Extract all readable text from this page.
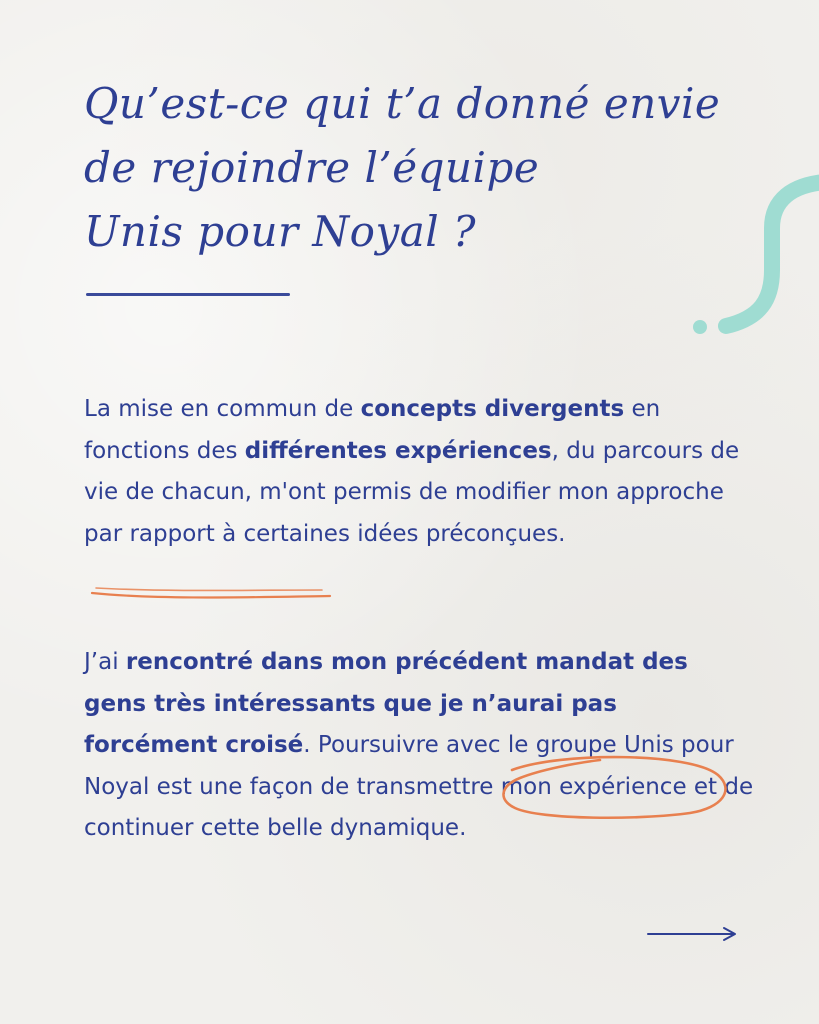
Qu’est-ce qui t’a donné envie
de rejoindre l’équipe
Unis pour Noyal ?

La mise en commun de concepts divergents en fonctions des différentes expériences, du parcours de vie de chacun, m'ont permis de modifier mon approche par rapport à certaines idées préconçues.

J’ai rencontré dans mon précédent mandat des gens très intéressants que je n’aurai pas forcément croisé. Poursuivre avec le groupe Unis pour Noyal est une façon de transmettre mon expérience et de continuer cette belle dynamique.
